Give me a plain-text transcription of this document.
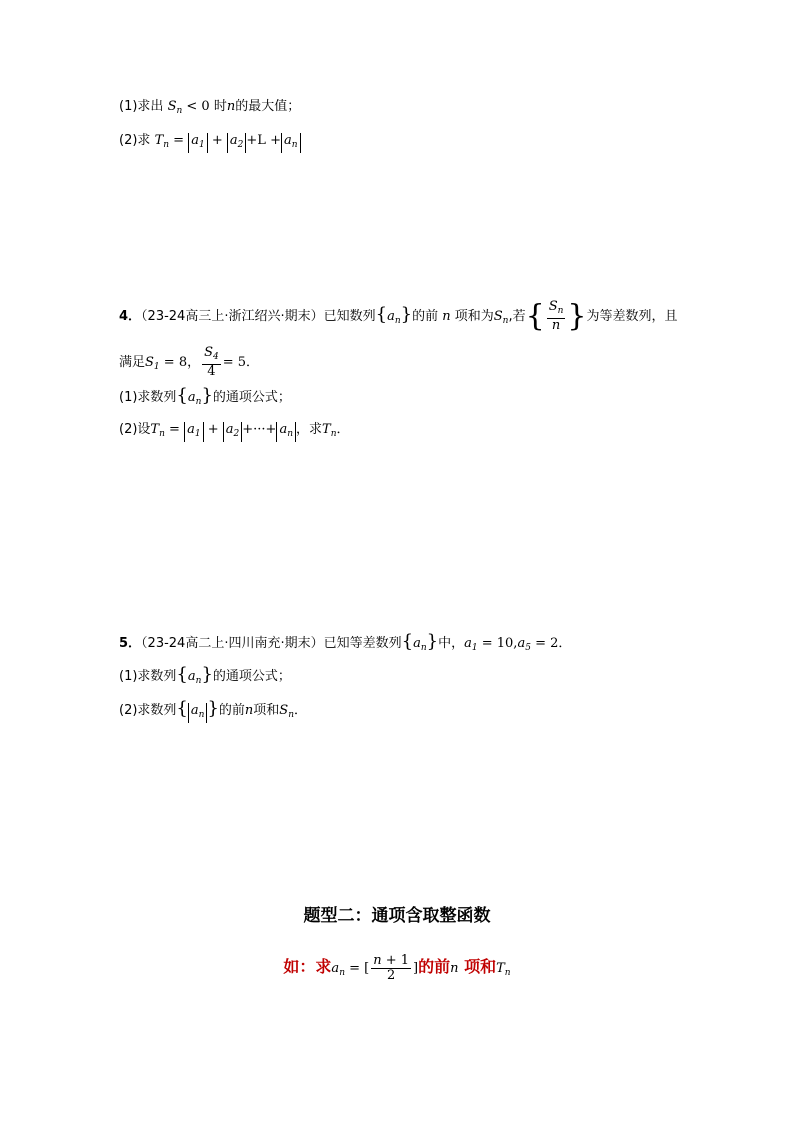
(1)求出 $S_n < 0$ 时n的最大值；
(2)求 $T_n = a_1 + a_2 +L + a_n$
4．（23-24高三上·浙江绍兴·期末）已知数列$\{a_n\}$的前 n 项和为$S_n$,若{ $\frac{S_n}{n}$ }为等差数列，且
满足$S_1 = 8$， $\frac{S_4}{4} = 5$．
(1)求数列$\{a_n\}$的通项公式；
(2)设$T_n = a_1 + a_2$ +···+ $a_n$ ，求$T_n$．
5．（23-24高二上·四川南充·期末）已知等差数列$\{a_n\}$中，$a_1 = 10,a_5 = 2$．
(1)求数列$\{a_n\}$的通项公式；
(2)求数列{ $a_n$ }的前n项和$S_n$．
题型二：通项含取整函数
如：求$a_n$ = [ $\frac{n + 1}{2}$ ]的前n 项和$T_n$
